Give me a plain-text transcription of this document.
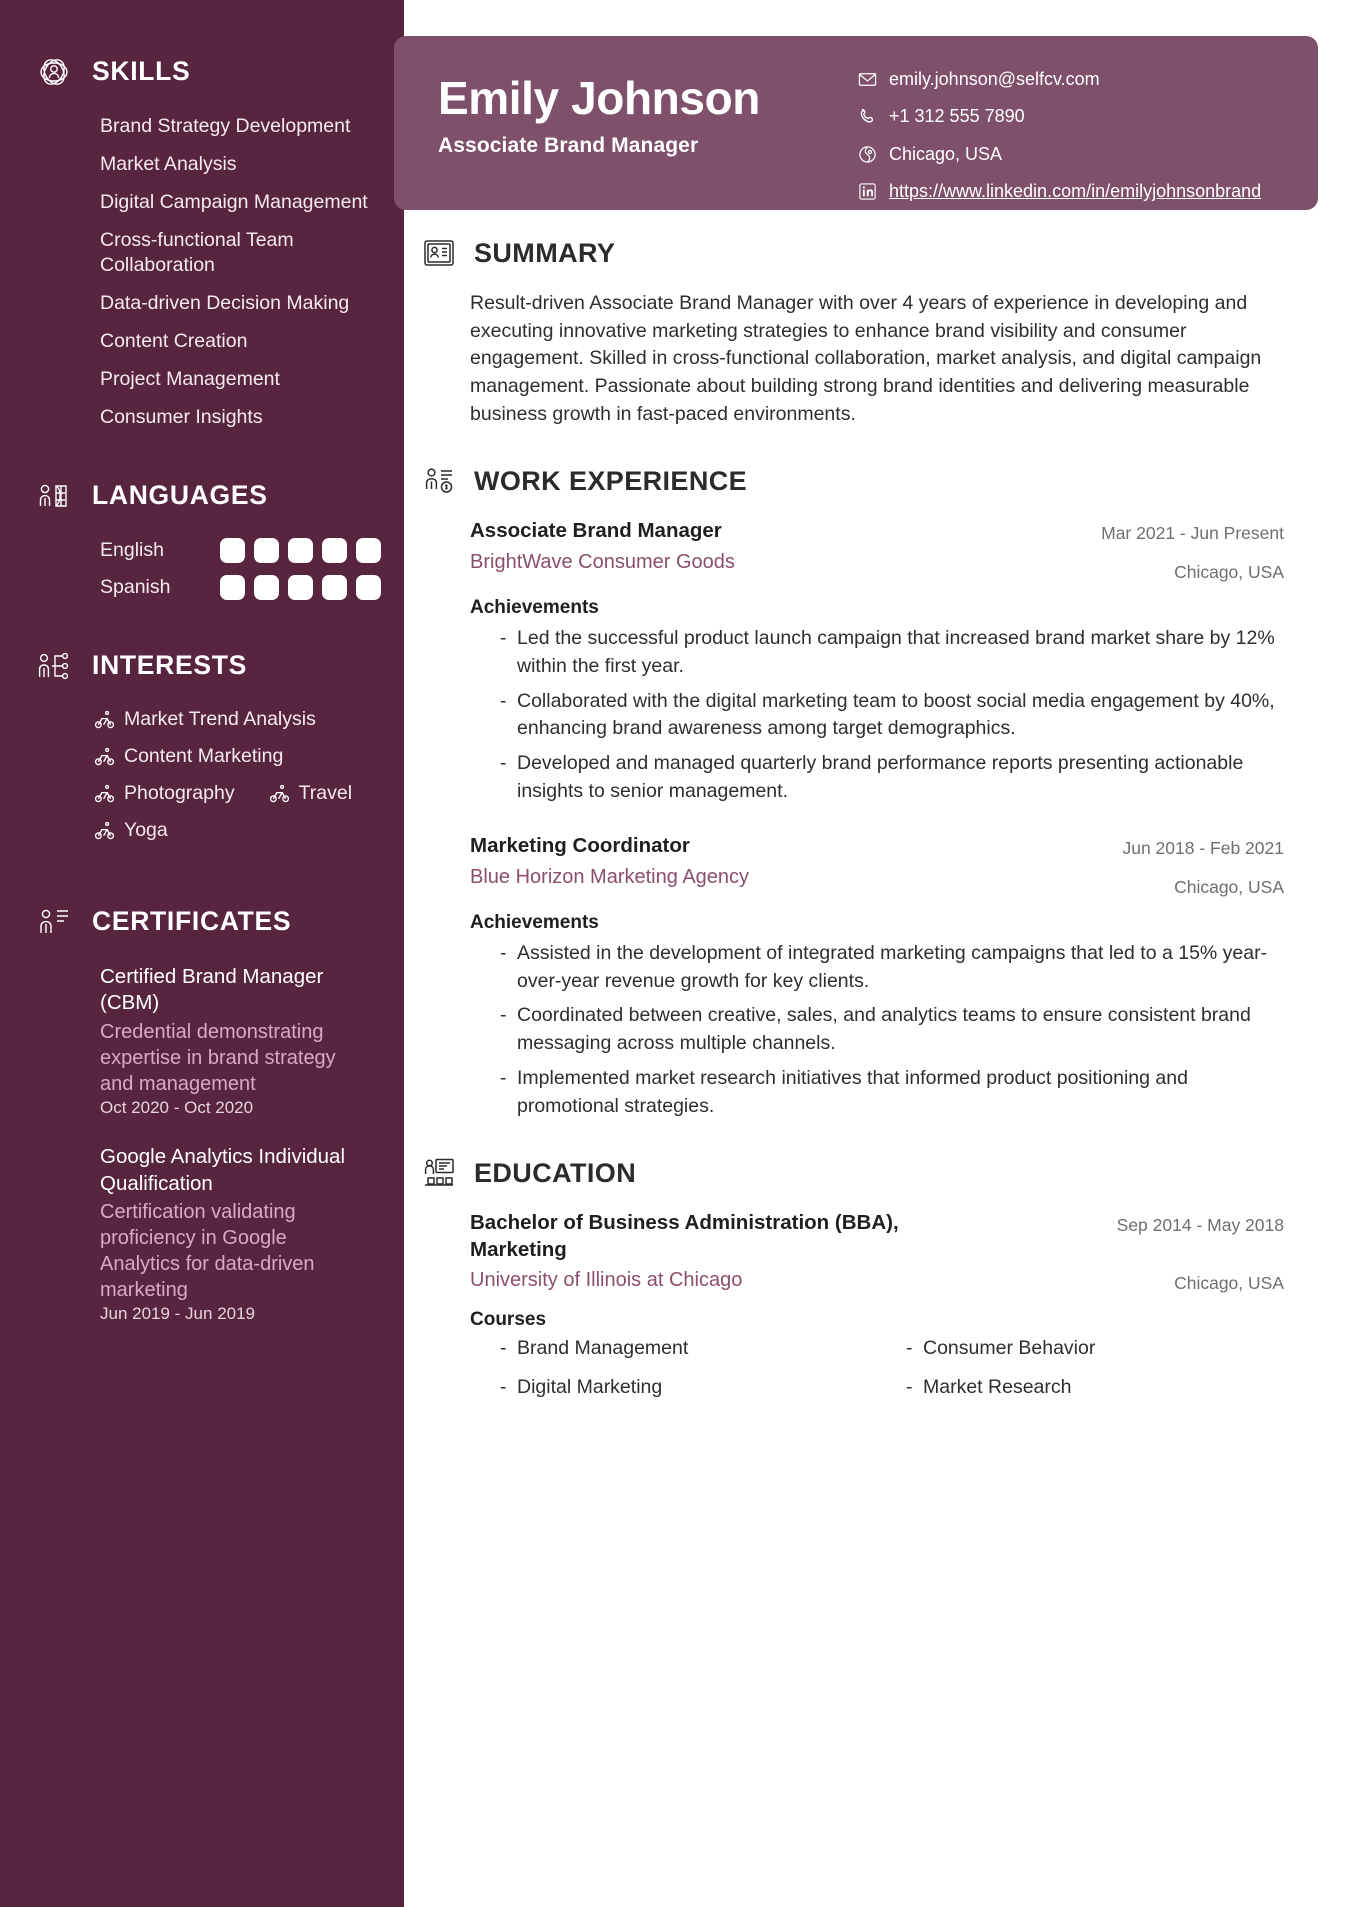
SKILLS
Brand Strategy Development
Market Analysis
Digital Campaign Management
Cross-functional Team Collaboration
Data-driven Decision Making
Content Creation
Project Management
Consumer Insights
LANGUAGES
English
Spanish
INTERESTS
Market Trend Analysis
Content Marketing
Photography	Travel
Yoga
CERTIFICATES
Certified Brand Manager (CBM)
Credential demonstrating expertise in brand strategy and management
Oct 2020 - Oct 2020
Google Analytics Individual Qualification
Certification validating proficiency in Google Analytics for data-driven marketing
Jun 2019 - Jun 2019
Emily Johnson
Associate Brand Manager
emily.johnson@selfcv.com
+1 312 555 7890
Chicago, USA
https://www.linkedin.com/in/emilyjohnsonbrand
SUMMARY

Result-driven Associate Brand Manager with over 4 years of experience in developing and executing innovative marketing strategies to enhance brand visibility and consumer engagement. Skilled in cross-functional collaboration, market analysis, and digital campaign management. Passionate about building strong brand identities and delivering measurable business growth in fast-paced environments.

WORK EXPERIENCE
Associate Brand Manager
BrightWave Consumer Goods
Mar 2021 - Jun Present
Chicago, USA
Achievements
- Led the successful product launch campaign that increased brand market share by 12% within the first year.
- Collaborated with the digital marketing team to boost social media engagement by 40%, enhancing brand awareness among target demographics.
- Developed and managed quarterly brand performance reports presenting actionable insights to senior management.
Marketing Coordinator
Blue Horizon Marketing Agency
Jun 2018 - Feb 2021
Chicago, USA
Achievements
- Assisted in the development of integrated marketing campaigns that led to a 15% year-over-year revenue growth for key clients.
- Coordinated between creative, sales, and analytics teams to ensure consistent brand messaging across multiple channels.
- Implemented market research initiatives that informed product positioning and promotional strategies.
EDUCATION
Bachelor of Business Administration (BBA), Marketing
University of Illinois at Chicago
Sep 2014 - May 2018
Chicago, USA
Courses
- Brand Management	- Consumer Behavior
- Digital Marketing	- Market Research
